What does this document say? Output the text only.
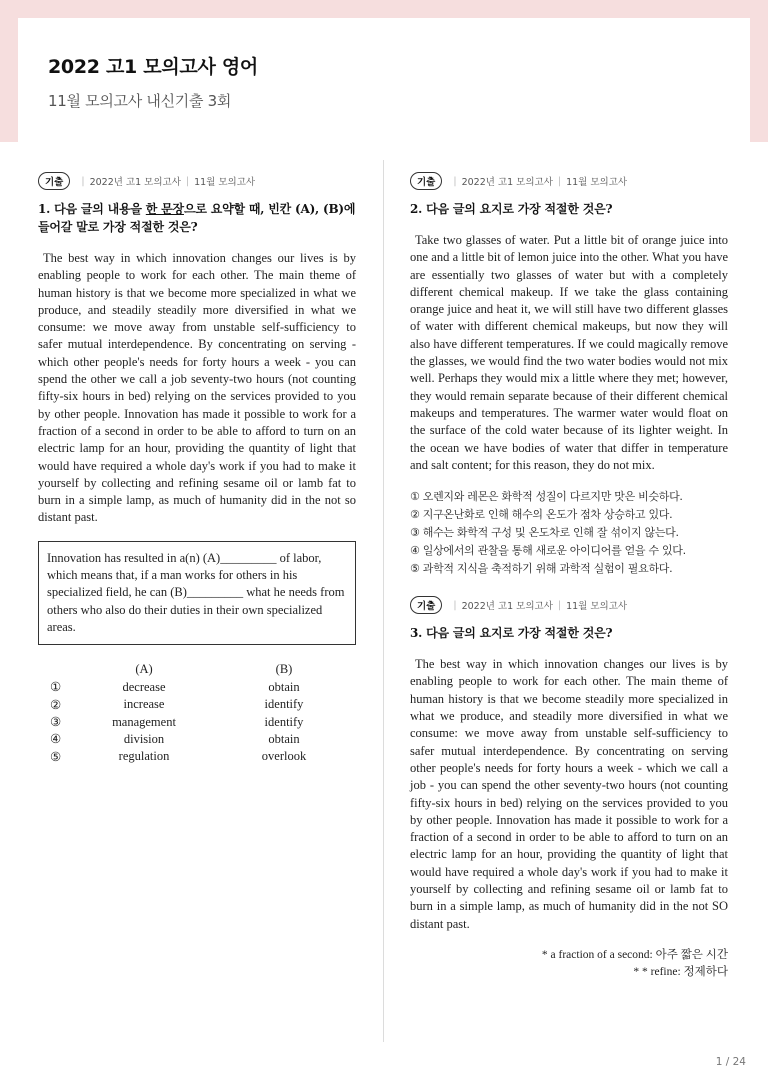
2022 고1 모의고사 영어
11월 모의고사 내신기출 3회
기출	| 2022년 고1 모의고사 | 11월 모의고사
1. 다음 글의 내용을 한 문장으로 요약할 때, 빈칸 (A), (B)에 들어갈 말로 가장 적절한 것은?
The best way in which innovation changes our lives is by enabling people to work for each other. The main theme of human history is that we become more specialized in what we produce, and steadily steadily more diversified in what we consume: we move away from unstable self-sufficiency to safer mutual interdependence. By concentrating on serving - which other people's needs for forty hours a week - you can spend the other we call a job seventy-two hours (not counting fifty-six hours in bed) relying on the services provided to you by other people. Innovation has made it possible to work for a fraction of a second in order to be able to afford to turn on an electric lamp for an hour, providing the quantity of light that would have required a whole day's work if you had to make it yourself by collecting and refining sesame oil or lamb fat to burn in a simple lamp, as much of humanity did in the not so distant past.
Innovation has resulted in a(n) (A)_________ of labor, which means that, if a man works for others in his specialized field, he can (B)_________ what he needs from others who also do their duties in their own specialized areas.
(A)	(B)
①	decrease	obtain
②	increase	identify
③	management	identify
④	division	obtain
⑤	regulation	overlook
기출	| 2022년 고1 모의고사 | 11월 모의고사
2. 다음 글의 요지로 가장 적절한 것은?
Take two glasses of water. Put a little bit of orange juice into one and a little bit of lemon juice into the other. What you have are essentially two glasses of water but with a completely different chemical makeup. If we take the glass containing orange juice and heat it, we will still have two different glasses of water with different chemical makeups, but now they will also have different temperatures. If we could magically remove the glasses, we would find the two water bodies would not mix well. Perhaps they would mix a little where they met; however, they would remain separate because of their different chemical makeups and temperatures. The warmer water would float on the surface of the cold water because of its lighter weight. In the ocean we have bodies of water that differ in temperature and salt content; for this reason, they do not mix.
① 오렌지와 레몬은 화학적 성질이 다르지만 맛은 비슷하다.
② 지구온난화로 인해 해수의 온도가 점차 상승하고 있다.
③ 해수는 화학적 구성 및 온도차로 인해 잘 섞이지 않는다.
④ 일상에서의 관찰을 통해 새로운 아이디어를 얻을 수 있다.
⑤ 과학적 지식을 축적하기 위해 과학적 실험이 필요하다.
기출	| 2022년 고1 모의고사 | 11월 모의고사
3. 다음 글의 요지로 가장 적절한 것은?
The best way in which innovation changes our lives is by enabling people to work for each other. The main theme of human history is that we become steadily more specialized in what we produce, and steadily more diversified in what we consume: we move away from unstable self-sufficiency to safer mutual interdependence. By concentrating on serving other people's needs for forty hours a week - which we call a job - you can spend the other seventy-two hours (not counting fifty-six hours in bed) relying on the services provided to you by other people. Innovation has made it possible to work for a fraction of a second in order to be able to afford to turn on an electric lamp for an hour, providing the quantity of light that would have required a whole day's work if you had to make it yourself by collecting and refining sesame oil or lamb fat to burn in a simple lamp, as much of humanity did in the not SO distant past.
* a fraction of a second: 아주 짧은 시간
* * refine: 정제하다
1 / 24
